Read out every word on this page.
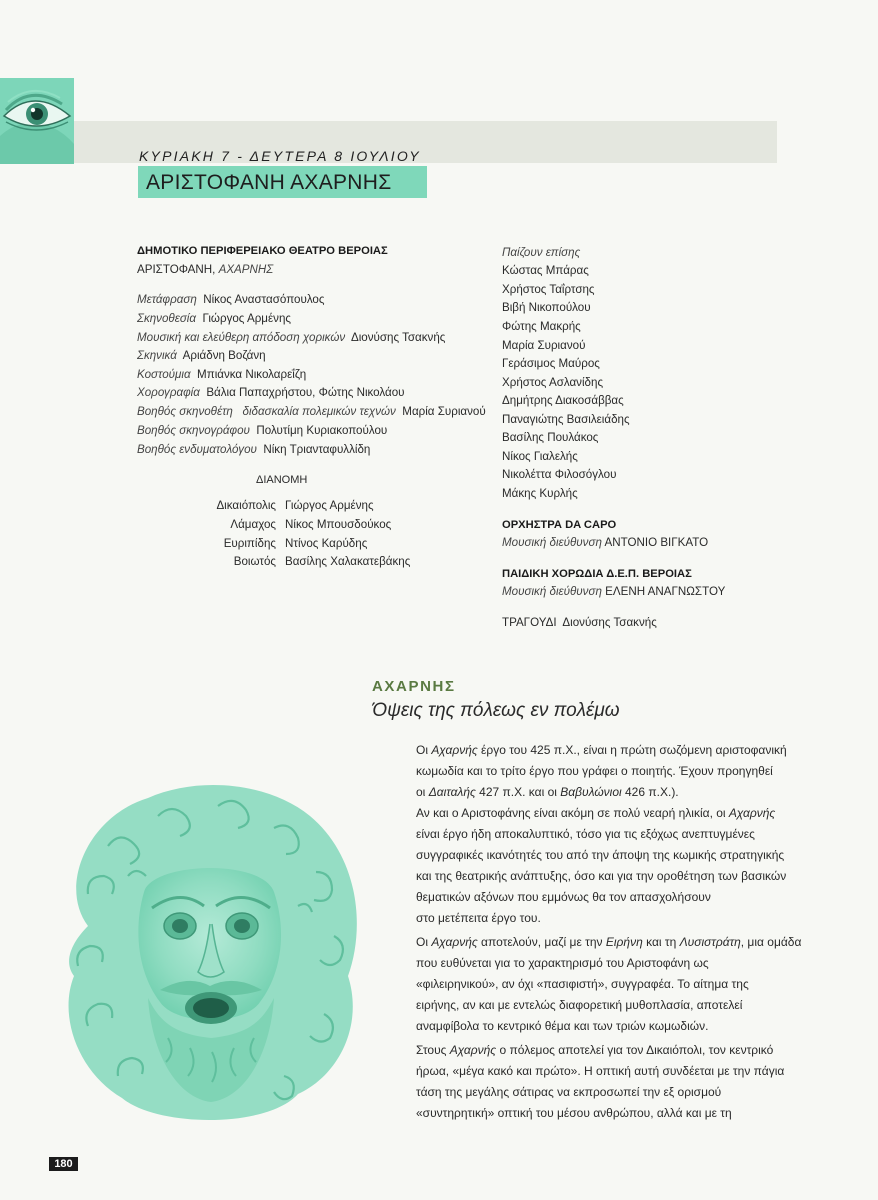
ΚΥΡΙΑΚΗ 7 - ΔΕΥΤΕΡΑ 8 ΙΟΥΛΙΟΥ
ΑΡΙΣΤΟΦΑΝΗ ΑΧΑΡΝΗΣ
ΔΗΜΟΤΙΚΟ ΠΕΡΙΦΕΡΕΙΑΚΟ ΘΕΑΤΡΟ ΒΕΡΟΙΑΣ
ΑΡΙΣΤΟΦΑΝΗ, ΑΧΑΡΝΗΣ
Μετάφραση Νίκος Αναστασόπουλος
Σκηνοθεσία Γιώργος Αρμένης
Μουσική και ελεύθερη απόδοση χορικών Διονύσης Τσακνής
Σκηνικά Αριάδνη Βοζάνη
Κοστούμια Μπιάνκα Νικολαρεΐζη
Χορογραφία Βάλια Παπαχρήστου, Φώτης Νικολάου
Βοηθός σκηνοθέτη διδασκαλία πολεμικών τεχνών Μαρία Συριανού
Βοηθός σκηνογράφου Πολυτίμη Κυριακοπούλου
Βοηθός ενδυματολόγου Νίκη Τριανταφυλλίδη
ΔΙΑΝΟΜΗ
Δικαιόπολις Γιώργος Αρμένης
Λάμαχος Νίκος Μπουσδούκος
Ευριπίδης Ντίνος Καρύδης
Βοιωτός Βασίλης Χαλακατεβάκης
Παίζουν επίσης
Κώστας Μπάρας
Χρήστος Ταΐρτσης
Βιβή Νικοπούλου
Φώτης Μακρής
Μαρία Συριανού
Γεράσιμος Μαύρος
Χρήστος Ασλανίδης
Δημήτρης Διακοσάββας
Παναγιώτης Βασιλειάδης
Βασίλης Πουλάκος
Νίκος Γιαλελής
Νικολέττα Φιλοσόγλου
Μάκης Κυρλής
ΟΡΧΗΣΤΡΑ DA CAPO
Μουσική διεύθυνση ΑΝΤΟΝΙΟ ΒΙΓΚΑΤΟ
ΠΑΙΔΙΚΗ ΧΟΡΩΔΙΑ Δ.Ε.Π. ΒΕΡΟΙΑΣ
Μουσική διεύθυνση ΕΛΕΝΗ ΑΝΑΓΝΩΣΤΟΥ
ΤΡΑΓΟΥΔΙ Διονύσης Τσακνής
ΑΧΑΡΝΗΣ
Όψεις της πόλεως εν πολέμω
Οι Αχαρνής έργο του 425 π.Χ., είναι η πρώτη σωζόμενη αριστοφανική
κωμωδία και το τρίτο έργο που γράφει ο ποιητής. Έχουν προηγηθεί
οι Δαιταλής 427 π.Χ. και οι Βαβυλώνιοι 426 π.Χ.).
Αν και ο Αριστοφάνης είναι ακόμη σε πολύ νεαρή ηλικία, οι Αχαρνής
είναι έργο ήδη αποκαλυπτικό, τόσο για τις εξόχως ανεπτυγμένες
συγγραφικές ικανότητές του από την άποψη της κωμικής στρατηγικής
και της θεατρικής ανάπτυξης, όσο και για την οροθέτηση των βασικών
θεματικών αξόνων που εμμόνως θα τον απασχολήσουν
στο μετέπειτα έργο του.
Οι Αχαρνής αποτελούν, μαζί με την Ειρήνη και τη Λυσιστράτη, μια ομάδα
που ευθύνεται για το χαρακτηρισμό του Αριστοφάνη ως
«φιλειρηνικού», αν όχι «πασιφιστή», συγγραφέα. Το αίτημα της
ειρήνης, αν και με εντελώς διαφορετική μυθοπλασία, αποτελεί
αναμφίβολα το κεντρικό θέμα και των τριών κωμωδιών.
Στους Αχαρνής ο πόλεμος αποτελεί για τον Δικαιόπολι, τον κεντρικό
ήρωα, «μέγα κακό και πρώτο». Η οπτική αυτή συνδέεται με την πάγια
τάση της μεγάλης σάτιρας να εκπροσωπεί την εξ ορισμού
«συντηρητική» οπτική του μέσου ανθρώπου, αλλά και με τη
180
